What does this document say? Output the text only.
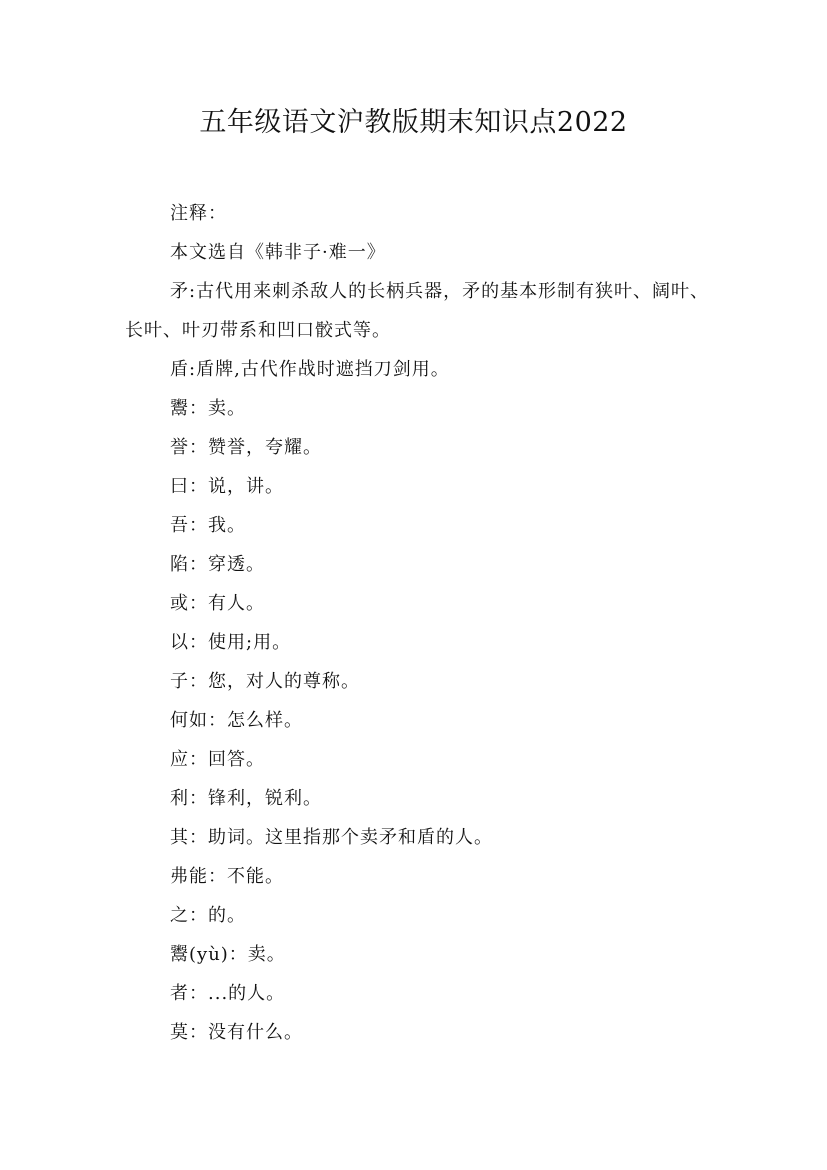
五年级语文沪教版期末知识点2022

注释：

本文选自《韩非子·难一》

矛:古代用来刺杀敌人的长柄兵器，矛的基本形制有狭叶、阔叶、长叶、叶刃带系和凹口骹式等。

盾:盾牌,古代作战时遮挡刀剑用。

鬻：卖。

誉：赞誉，夸耀。

曰：说，讲。

吾：我。

陷：穿透。

或：有人。

以：使用;用。

子：您，对人的尊称。

何如：怎么样。

应：回答。

利：锋利，锐利。

其：助词。这里指那个卖矛和盾的人。

弗能：不能。

之：的。

鬻(yù)：卖。

者：...的人。

莫：没有什么。
